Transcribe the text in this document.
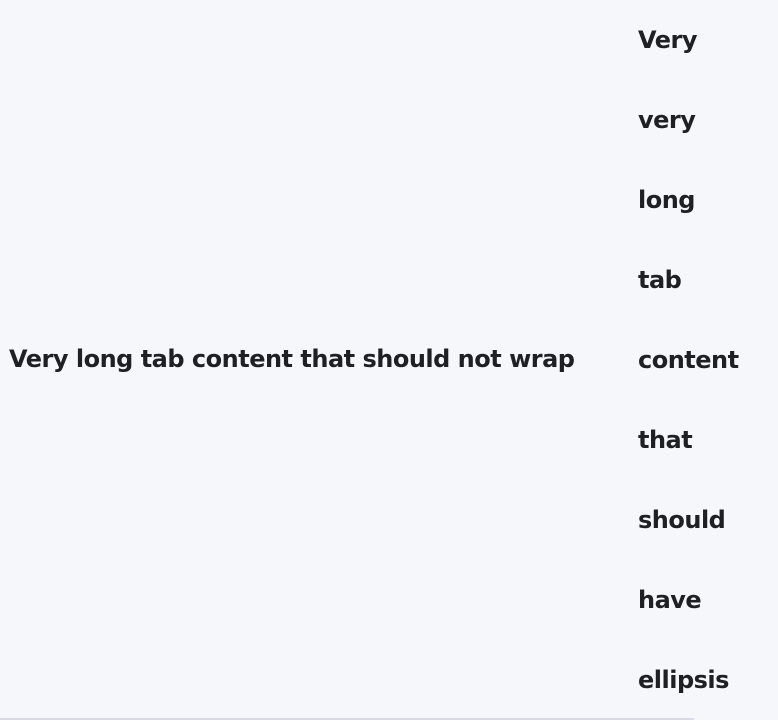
Very long tab content that should not wrap
Very very long tab content that should have ellipsis
